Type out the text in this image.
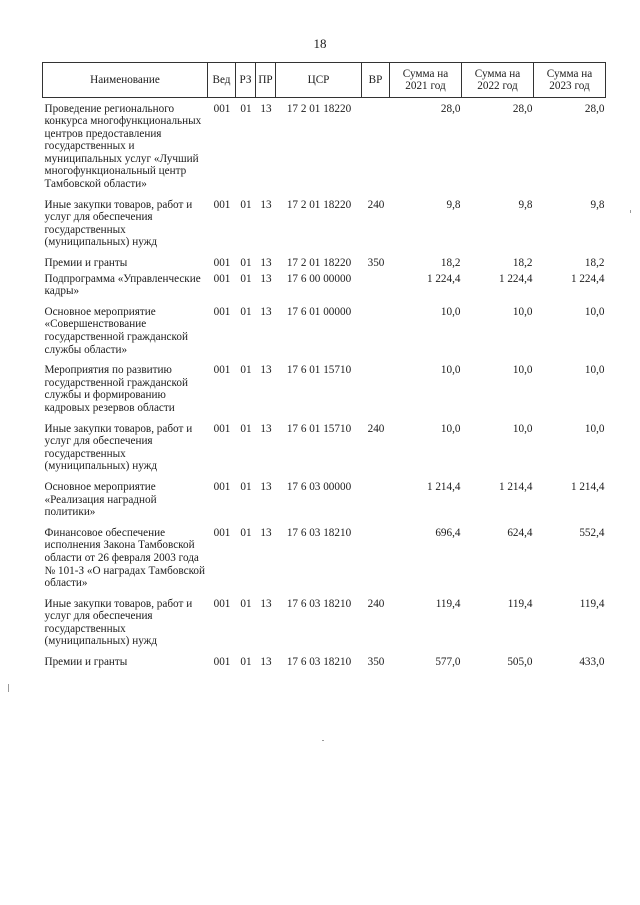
18
Наименование	Вед	РЗ	ПР	ЦСР	ВР	Сумма на 2021 год	Сумма на 2022 год	Сумма на 2023 год

Проведение регионального конкурса многофункциональных центров предоставления государственных и муниципальных услуг «Лучший многофункциональный центр Тамбовской области»	001	01	13	17 2 01 18220		28,0	28,0	28,0

Иные закупки товаров, работ и услуг для обеспечения государственных (муниципальных) нужд	001	01	13	17 2 01 18220	240	9,8	9,8	9,8

Премии и гранты	001	01	13	17 2 01 18220	350	18,2	18,2	18,2

Подпрограмма «Управленческие кадры»	001	01	13	17 6 00 00000		1 224,4	1 224,4	1 224,4

Основное мероприятие «Совершенствование государственной гражданской службы области»	001	01	13	17 6 01 00000		10,0	10,0	10,0

Мероприятия по развитию государственной гражданской службы и формированию кадровых резервов области	001	01	13	17 6 01 15710		10,0	10,0	10,0

Иные закупки товаров, работ и услуг для обеспечения государственных (муниципальных) нужд	001	01	13	17 6 01 15710	240	10,0	10,0	10,0

Основное мероприятие «Реализация наградной политики»	001	01	13	17 6 03 00000		1 214,4	1 214,4	1 214,4

Финансовое обеспечение исполнения Закона Тамбовской области от 26 февраля 2003 года № 101-З «О наградах Тамбовской области»	001	01	13	17 6 03 18210		696,4	624,4	552,4

Иные закупки товаров, работ и услуг для обеспечения государственных (муниципальных) нужд	001	01	13	17 6 03 18210	240	119,4	119,4	119,4

Премии и гранты	001	01	13	17 6 03 18210	350	577,0	505,0	433,0
